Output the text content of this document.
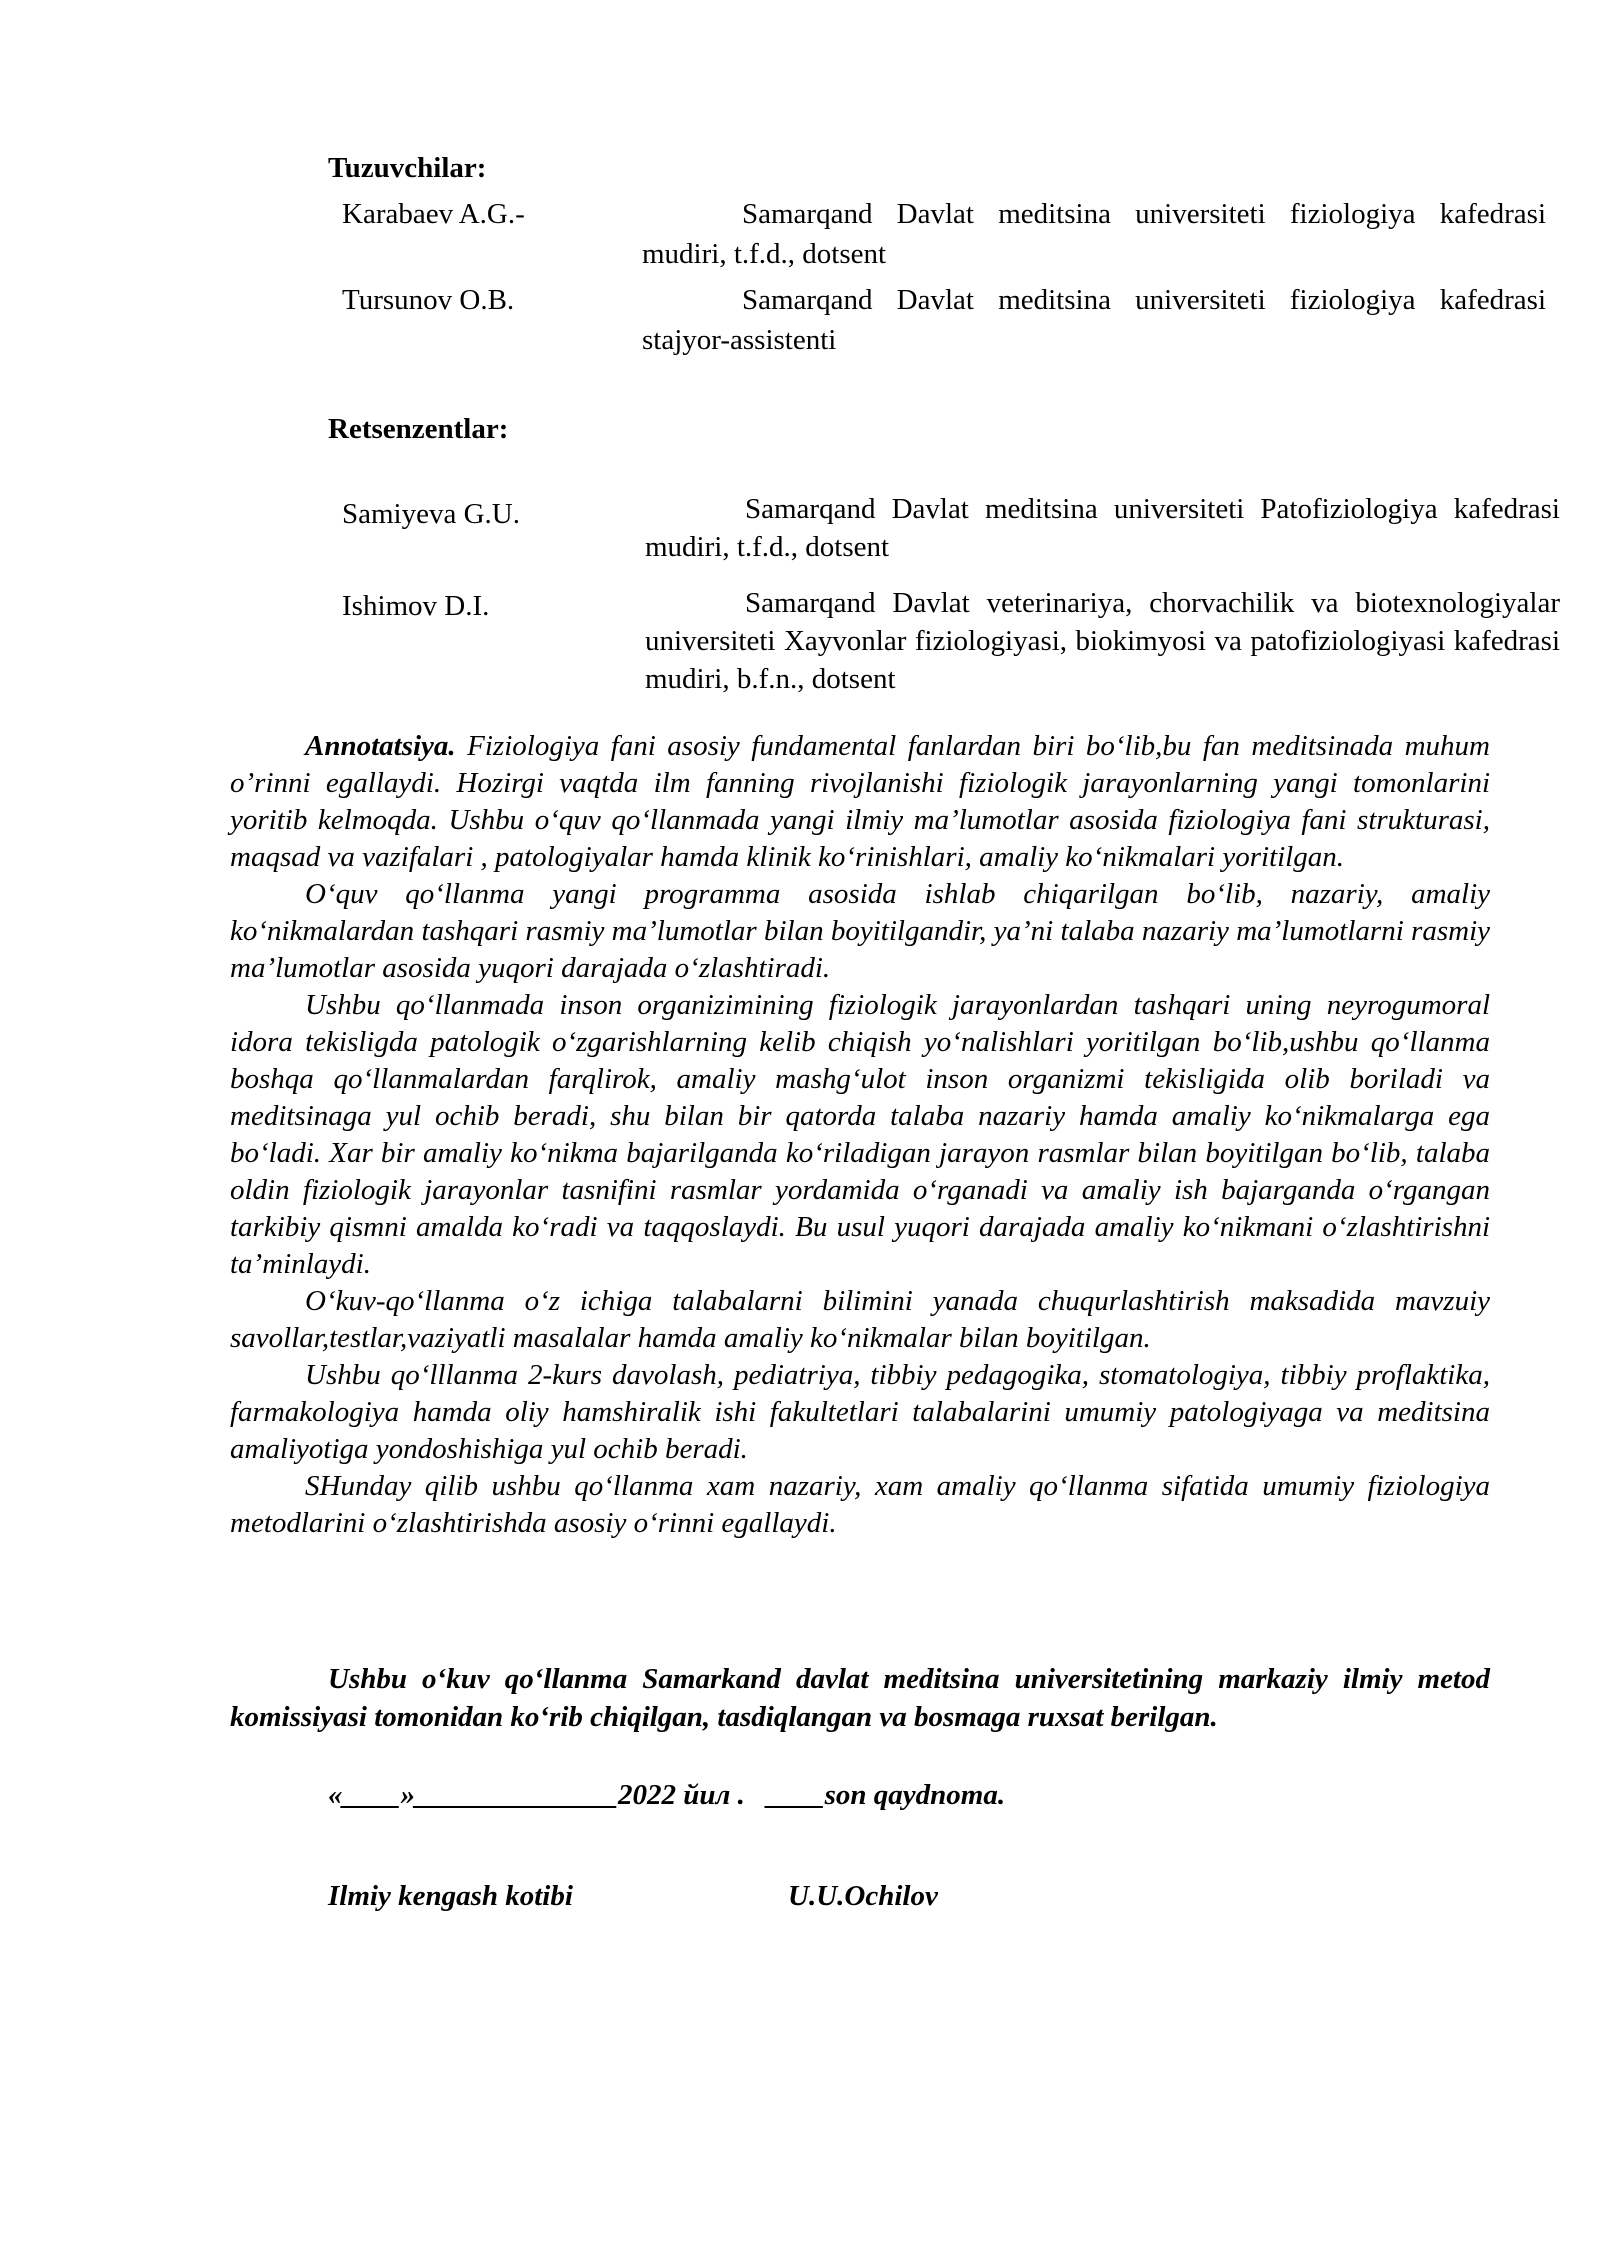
Tuzuvchilar:
Karabaev A.G.-	Samarqand Davlat meditsina universiteti fiziologiya kafedrasi mudiri, t.f.d., dotsent
Tursunov O.B.	Samarqand Davlat meditsina universiteti fiziologiya kafedrasi stajyor-assistenti
Retsenzentlar:
Samiyeva G.U.	Samarqand Davlat meditsina universiteti Patofiziologiya kafedrasi mudiri, t.f.d., dotsent
Ishimov D.I.	Samarqand Davlat veterinariya, chorvachilik va biotexnologiyalar universiteti Xayvonlar fiziologiyasi, biokimyosi va patofiziologiyasi kafedrasi mudiri, b.f.n., dotsent

Annotatsiya. Fiziologiya fani asosiy fundamental fanlardan biri bo‘lib,bu fan meditsinada muhum o’rinni egallaydi. Hozirgi vaqtda ilm fanning rivojlanishi fiziologik jarayonlarning yangi tomonlarini yoritib kelmoqda. Ushbu o‘quv qo‘llanmada yangi ilmiy ma’lumotlar asosida fiziologiya fani strukturasi, maqsad va vazifalari , patologiyalar hamda klinik ko‘rinishlari, amaliy ko‘nikmalari yoritilgan.

O‘quv qo‘llanma yangi programma asosida ishlab chiqarilgan bo‘lib, nazariy, amaliy ko‘nikmalardan tashqari rasmiy ma’lumotlar bilan boyitilgandir, ya’ni talaba nazariy ma’lumotlarni rasmiy ma’lumotlar asosida yuqori darajada o‘zlashtiradi.

Ushbu qo‘llanmada inson organizimining fiziologik jarayonlardan tashqari uning neyrogumoral idora tekisligda patologik o‘zgarishlarning kelib chiqish yo‘nalishlari yoritilgan bo‘lib,ushbu qo‘llanma boshqa qo‘llanmalardan farqlirok, amaliy mashg‘ulot inson organizmi tekisligida olib boriladi va meditsinaga yul ochib beradi, shu bilan bir qatorda talaba nazariy hamda amaliy ko‘nikmalarga ega bo‘ladi. Xar bir amaliy ko‘nikma bajarilganda ko‘riladigan jarayon rasmlar bilan boyitilgan bo‘lib, talaba oldin fiziologik jarayonlar tasnifini rasmlar yordamida o‘rganadi va amaliy ish bajarganda o‘rgangan tarkibiy qismni amalda ko‘radi va taqqoslaydi. Bu usul yuqori darajada amaliy ko‘nikmani o‘zlashtirishni ta’minlaydi.

O‘kuv-qo‘llanma o‘z ichiga talabalarni bilimini yanada chuqurlashtirish maksadida mavzuiy savollar,testlar,vaziyatli masalalar hamda amaliy ko‘nikmalar bilan boyitilgan.

Ushbu qo‘lllanma 2-kurs davolash, pediatriya, tibbiy pedagogika, stomatologiya, tibbiy proflaktika, farmakologiya hamda oliy hamshiralik ishi fakultetlari talabalarini umumiy patologiyaga va meditsina amaliyotiga yondoshishiga yul ochib beradi.

SHunday qilib ushbu qo‘llanma xam nazariy, xam amaliy qo‘llanma sifatida umumiy fiziologiya metodlarini o‘zlashtirishda asosiy o‘rinni egallaydi.

Ushbu o‘kuv qo‘llanma Samarkand davlat meditsina universitetining markaziy ilmiy metod komissiyasi tomonidan ko‘rib chiqilgan, tasdiqlangan va bosmaga ruxsat berilgan.

«____»______________2022 йил .   ____son qaydnoma.
Ilmiy kengash kotibi	U.U.Ochilov
